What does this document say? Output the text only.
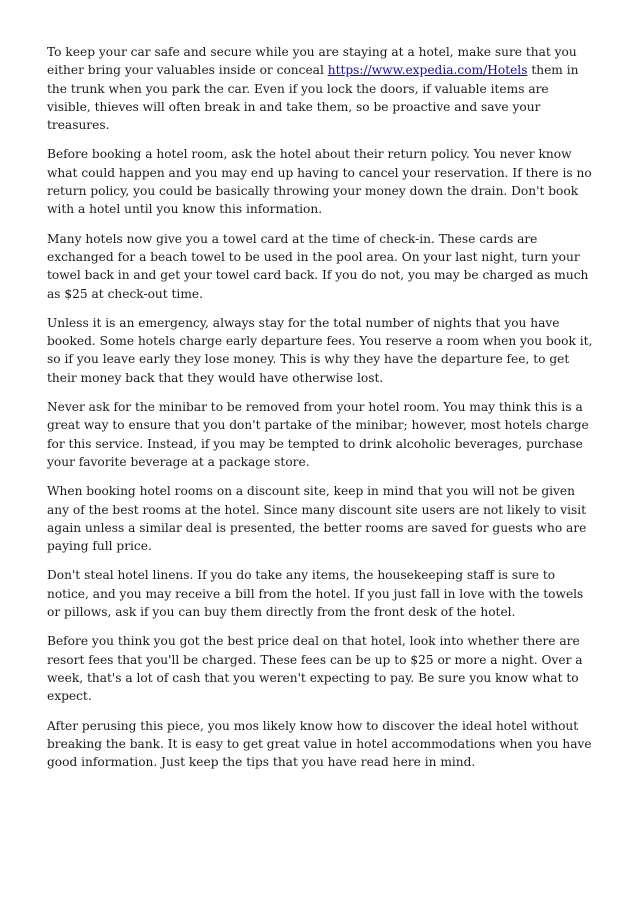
To keep your car safe and secure while you are staying at a hotel, make sure that you either bring your valuables inside or conceal https://www.expedia.com/Hotels them in the trunk when you park the car. Even if you lock the doors, if valuable items are visible, thieves will often break in and take them, so be proactive and save your treasures.

Before booking a hotel room, ask the hotel about their return policy. You never know what could happen and you may end up having to cancel your reservation. If there is no return policy, you could be basically throwing your money down the drain. Don't book with a hotel until you know this information.

Many hotels now give you a towel card at the time of check-in. These cards are exchanged for a beach towel to be used in the pool area. On your last night, turn your towel back in and get your towel card back. If you do not, you may be charged as much as $25 at check-out time.

Unless it is an emergency, always stay for the total number of nights that you have booked. Some hotels charge early departure fees. You reserve a room when you book it, so if you leave early they lose money. This is why they have the departure fee, to get their money back that they would have otherwise lost.

Never ask for the minibar to be removed from your hotel room. You may think this is a great way to ensure that you don't partake of the minibar; however, most hotels charge for this service. Instead, if you may be tempted to drink alcoholic beverages, purchase your favorite beverage at a package store.

When booking hotel rooms on a discount site, keep in mind that you will not be given any of the best rooms at the hotel. Since many discount site users are not likely to visit again unless a similar deal is presented, the better rooms are saved for guests who are paying full price.

Don't steal hotel linens. If you do take any items, the housekeeping staff is sure to notice, and you may receive a bill from the hotel. If you just fall in love with the towels or pillows, ask if you can buy them directly from the front desk of the hotel.

Before you think you got the best price deal on that hotel, look into whether there are resort fees that you'll be charged. These fees can be up to $25 or more a night. Over a week, that's a lot of cash that you weren't expecting to pay. Be sure you know what to expect.

After perusing this piece, you mos likely know how to discover the ideal hotel without breaking the bank. It is easy to get great value in hotel accommodations when you have good information. Just keep the tips that you have read here in mind.
